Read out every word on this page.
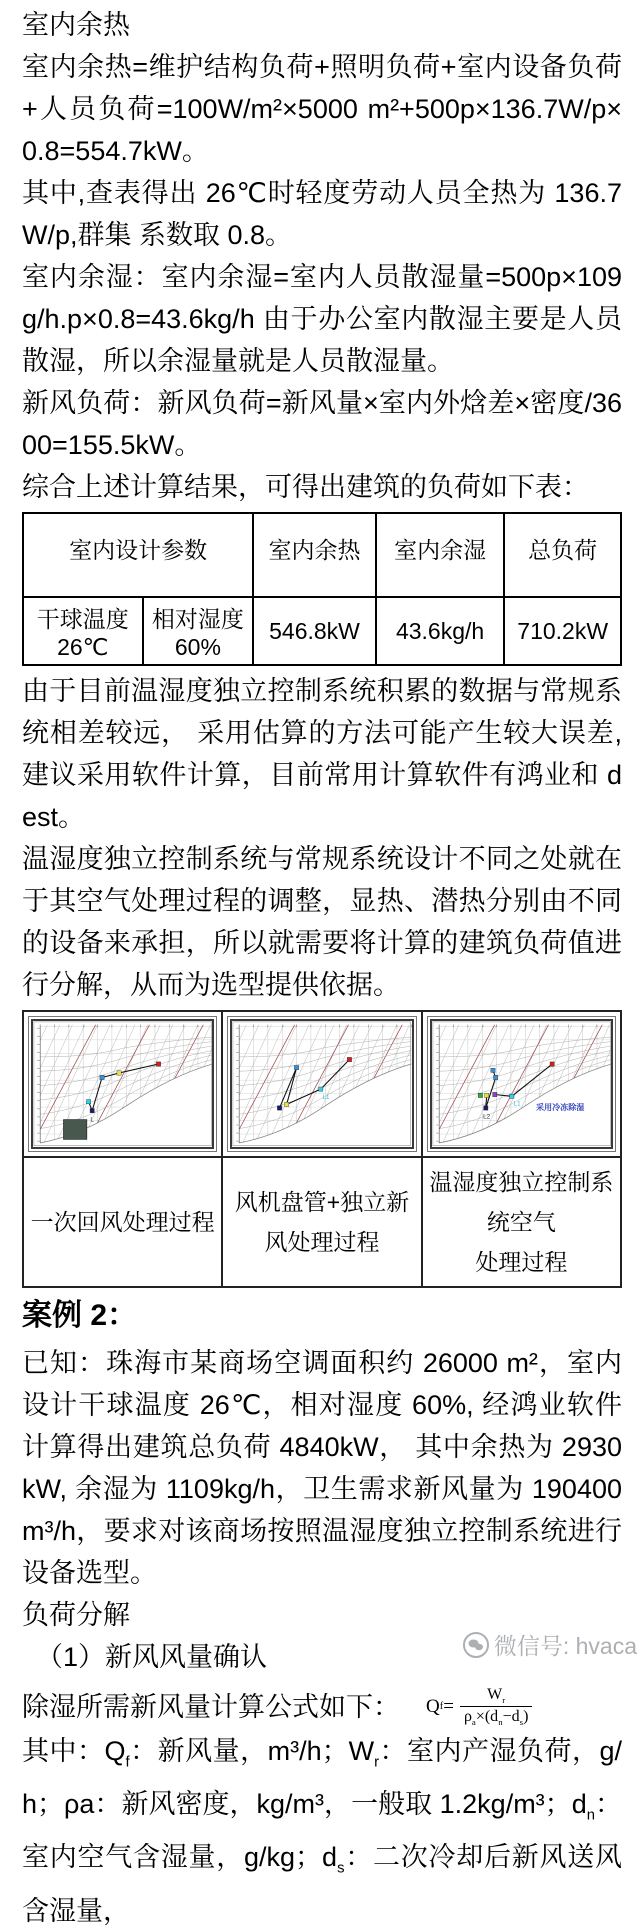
室内余热

室内余热=维护结构负荷+照明负荷+室内设备负荷+人员负荷=100W/m²×5000 m²+500p×136.7W/p×0.8=554.7kW。

其中,查表得出 26℃时轻度劳动人员全热为 136.7W/p,群集 系数取 0.8。

室内余湿：室内余湿=室内人员散湿量=500p×109g/h.p×0.8=43.6kg/h 由于办公室内散湿主要是人员散湿，所以余湿量就是人员散湿量。

新风负荷：新风负荷=新风量×室内外焓差×密度/3600=155.5kW。

综合上述计算结果，可得出建筑的负荷如下表：

室内设计参数		室内余热	室内余湿	总负荷
干球温度 26℃	相对湿度 60%	546.8kW	43.6kg/h	710.2kW

由于目前温湿度独立控制系统积累的数据与常规系统相差较远， 采用估算的方法可能产生较大误差,建议采用软件计算，目前常用计算软件有鸿业和 dest。

温湿度独立控制系统与常规系统设计不同之处就在于其空气处理过程的调整，显热、潜热分别由不同的设备来承担，所以就需要将计算的建筑负荷值进行分解，从而为选型提供依据。

L	L1	L2
L1 采用冷冻除湿

一次回风处理过程	风机盘管+独立新风处理过程	温湿度独立控制系统空气
处理过程

案例 2：

已知：珠海市某商场空调面积约 26000 m²，室内设计干球温度 26℃，相对湿度 60%, 经鸿业软件计算得出建筑总负荷 4840kW， 其中余热为 2930kW, 余湿为 1109kg/h，卫生需求新风量为 190400m³/h，要求对该商场按照温湿度独立控制系统进行设备选型。

负荷分解

（1）新风风量确认

除湿所需新风量计算公式如下： Q $f = \frac{W_r}{\rho_a\times(d_n-d_s)}$

其中：$Q_f$：新风量，m³/h；$W_r$：室内产湿负荷，g/h；ρa：新风密度，kg/m³，一般取 1.2kg/m³；$d_n$：室内空气含湿量，g/kg；$d_s$：二次冷却后新风送风含湿量，

微信号: hvaca
